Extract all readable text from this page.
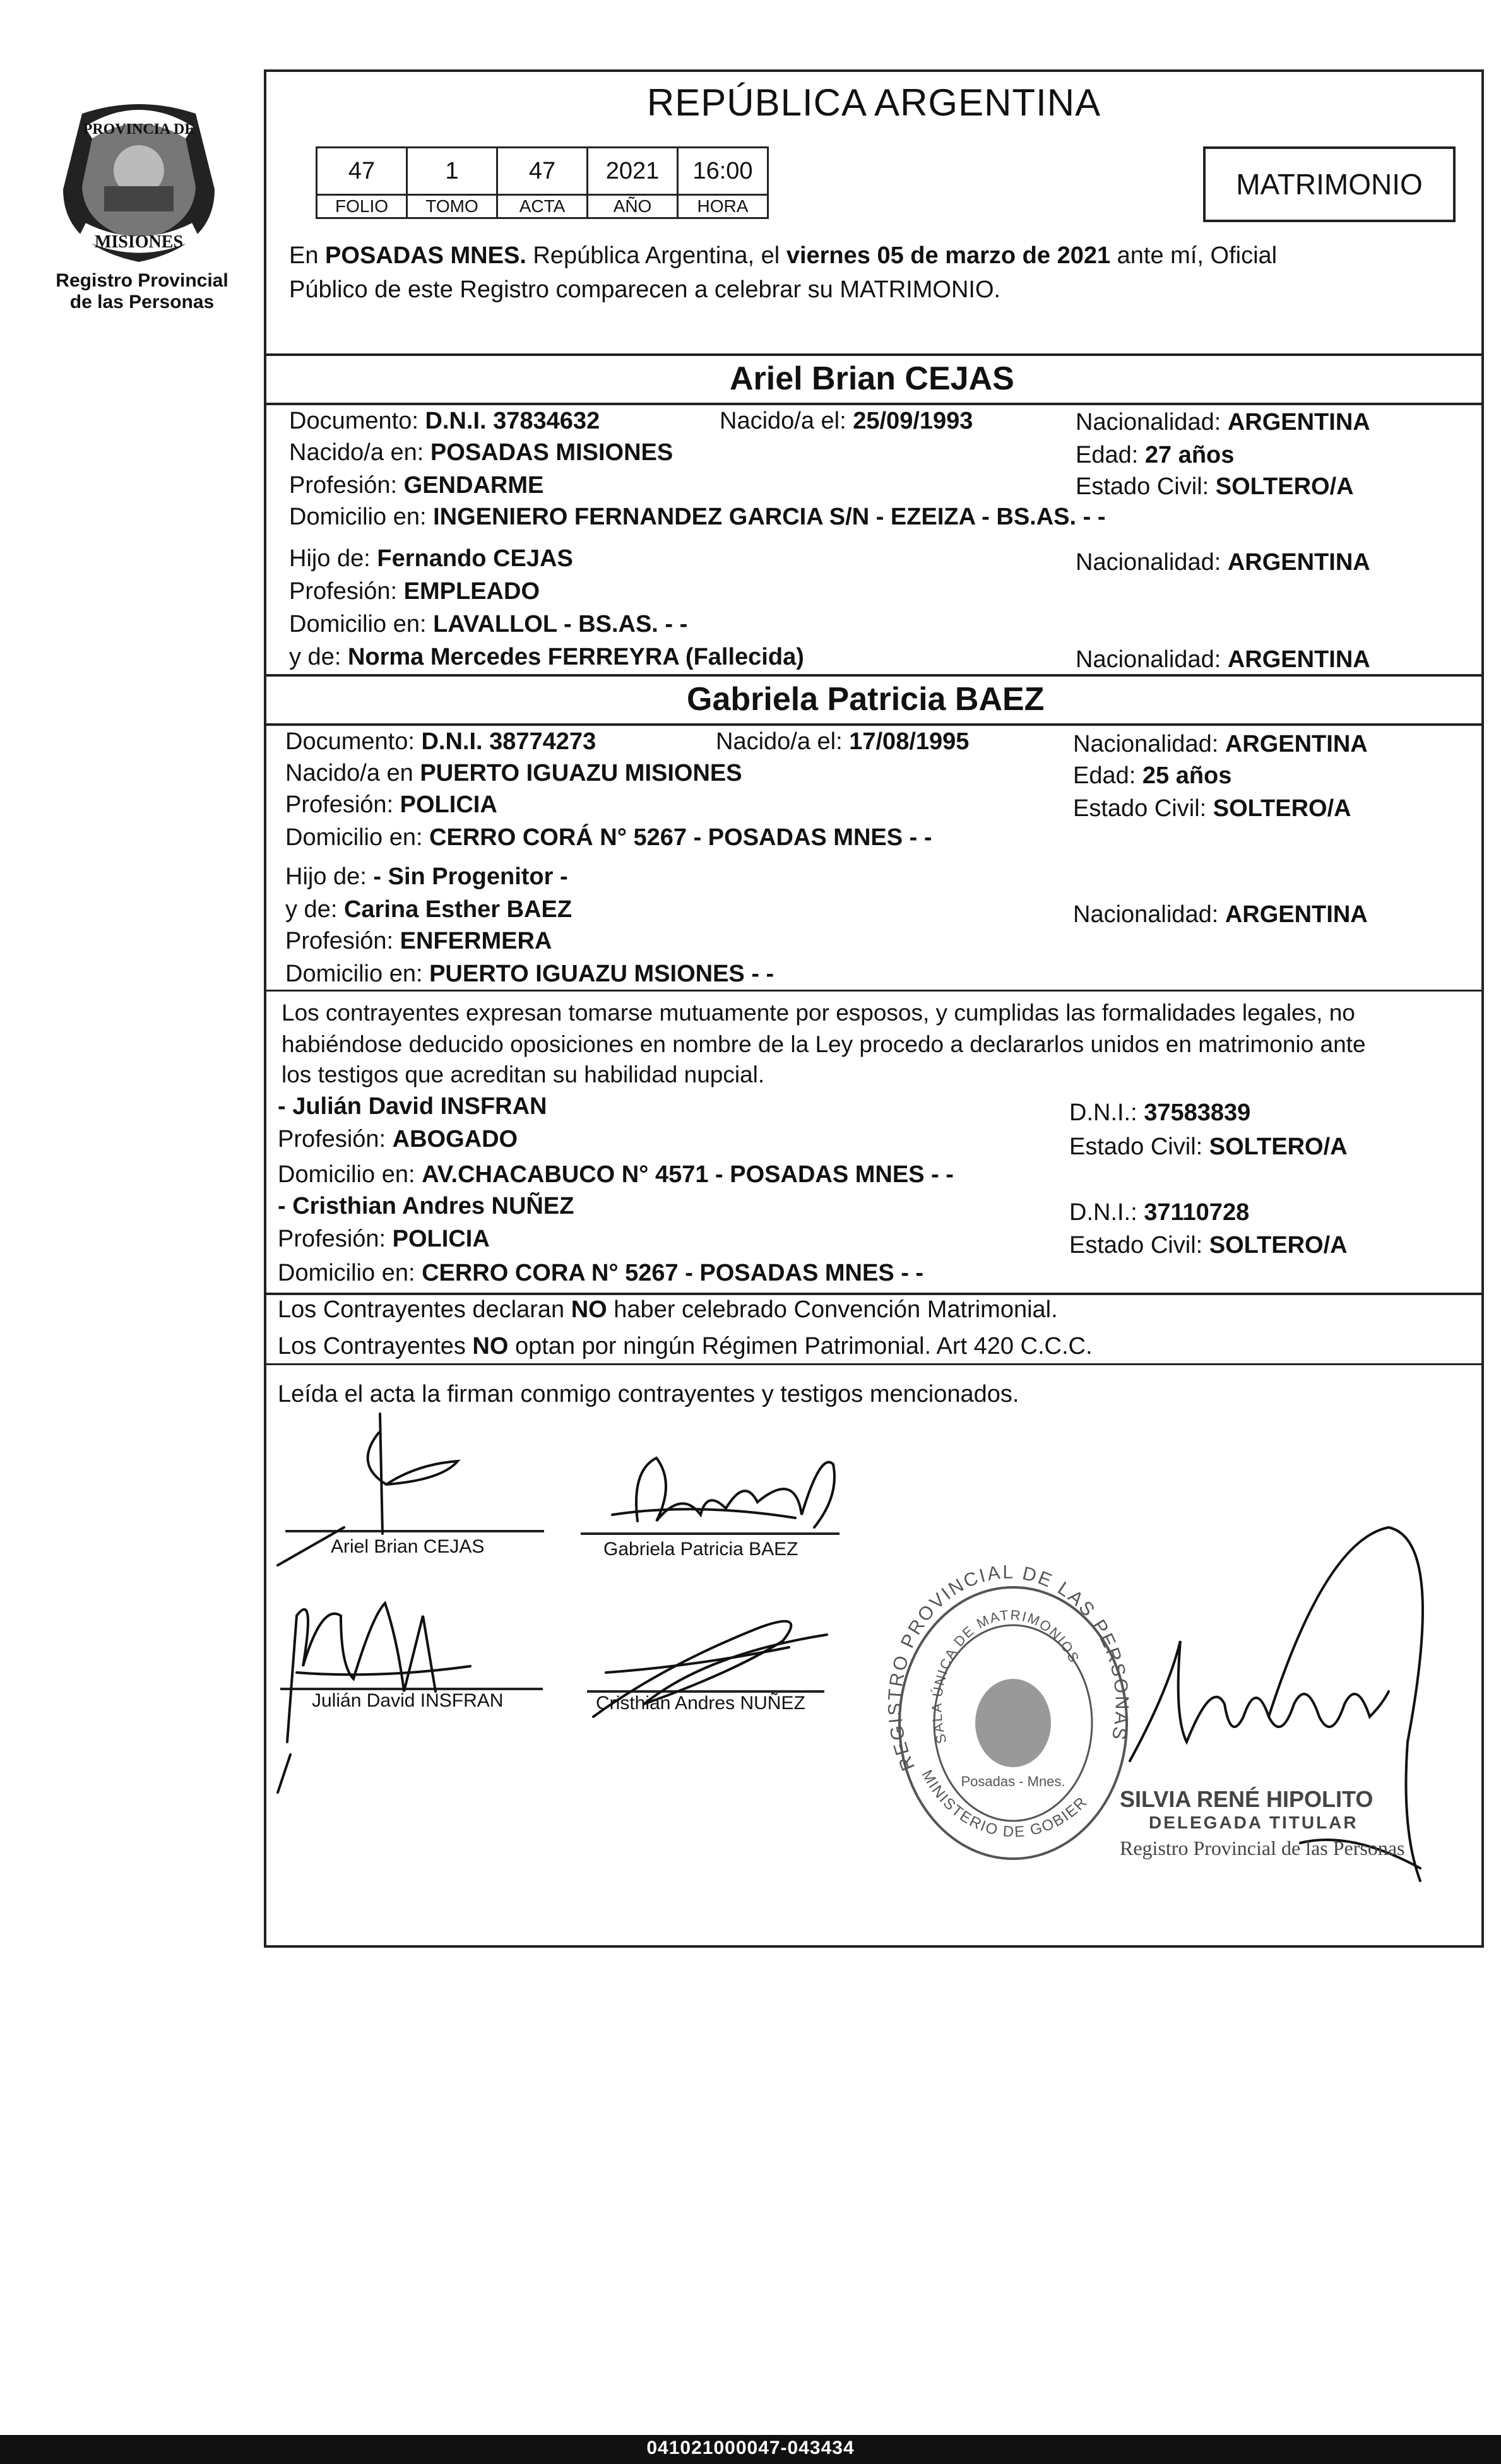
PROVINCIA DE
MISIONES
Registro Provincial
de las Personas
REPÚBLICA ARGENTINA
47	1	47	2021	16:00
FOLIO	TOMO	ACTA	AÑO	HORA
MATRIMONIO
En POSADAS MNES. República Argentina, el viernes 05 de marzo de 2021 ante mí, Oficial
Público de este Registro comparecen a celebrar su MATRIMONIO.
Ariel Brian CEJAS
Documento: D.N.I. 37834632	Nacido/a el: 25/09/1993	Nacionalidad: ARGENTINA
Nacido/a en: POSADAS MISIONES	Edad: 27 años
Profesión: GENDARME	Estado Civil: SOLTERO/A
Domicilio en: INGENIERO FERNANDEZ GARCIA S/N - EZEIZA - BS.AS. - -
Hijo de: Fernando CEJAS	Nacionalidad: ARGENTINA
Profesión: EMPLEADO
Domicilio en: LAVALLOL - BS.AS. - -
y de: Norma Mercedes FERREYRA (Fallecida)	Nacionalidad: ARGENTINA
Gabriela Patricia BAEZ
Documento: D.N.I. 38774273	Nacido/a el: 17/08/1995	Nacionalidad: ARGENTINA
Nacido/a en PUERTO IGUAZU MISIONES	Edad: 25 años
Profesión: POLICIA	Estado Civil: SOLTERO/A
Domicilio en: CERRO CORÁ N° 5267 - POSADAS MNES - -
Hijo de: - Sin Progenitor -
y de: Carina Esther BAEZ	Nacionalidad: ARGENTINA
Profesión: ENFERMERA
Domicilio en: PUERTO IGUAZU MSIONES - -
Los contrayentes expresan tomarse mutuamente por esposos, y cumplidas las formalidades legales, no
habiéndose deducido oposiciones en nombre de la Ley procedo a declararlos unidos en matrimonio ante
los testigos que acreditan su habilidad nupcial.
- Julián David INSFRAN	D.N.I.: 37583839
Profesión: ABOGADO	Estado Civil: SOLTERO/A
Domicilio en: AV.CHACABUCO N° 4571 - POSADAS MNES - -
- Cristhian Andres NUÑEZ	D.N.I.: 37110728
Profesión: POLICIA	Estado Civil: SOLTERO/A
Domicilio en: CERRO CORA N° 5267 - POSADAS MNES - -
Los Contrayentes declaran NO haber celebrado Convención Matrimonial.
Los Contrayentes NO optan por ningún Régimen Patrimonial. Art 420 C.C.C.
Leída el acta la firman conmigo contrayentes y testigos mencionados.
Ariel Brian CEJAS	Gabriela Patricia BAEZ
Julián David INSFRAN	Cristhian Andres NUÑEZ
REGISTRO PROVINCIAL DE LAS PERSONAS
SALA ÚNICA DE MATRIMONIOS
MINISTERIO DE GOBIERNO
Posadas - Mnes.
SILVIA RENÉ HIPOLITO
DELEGADA TITULAR
Registro Provincial de las Personas
041021000047-043434
